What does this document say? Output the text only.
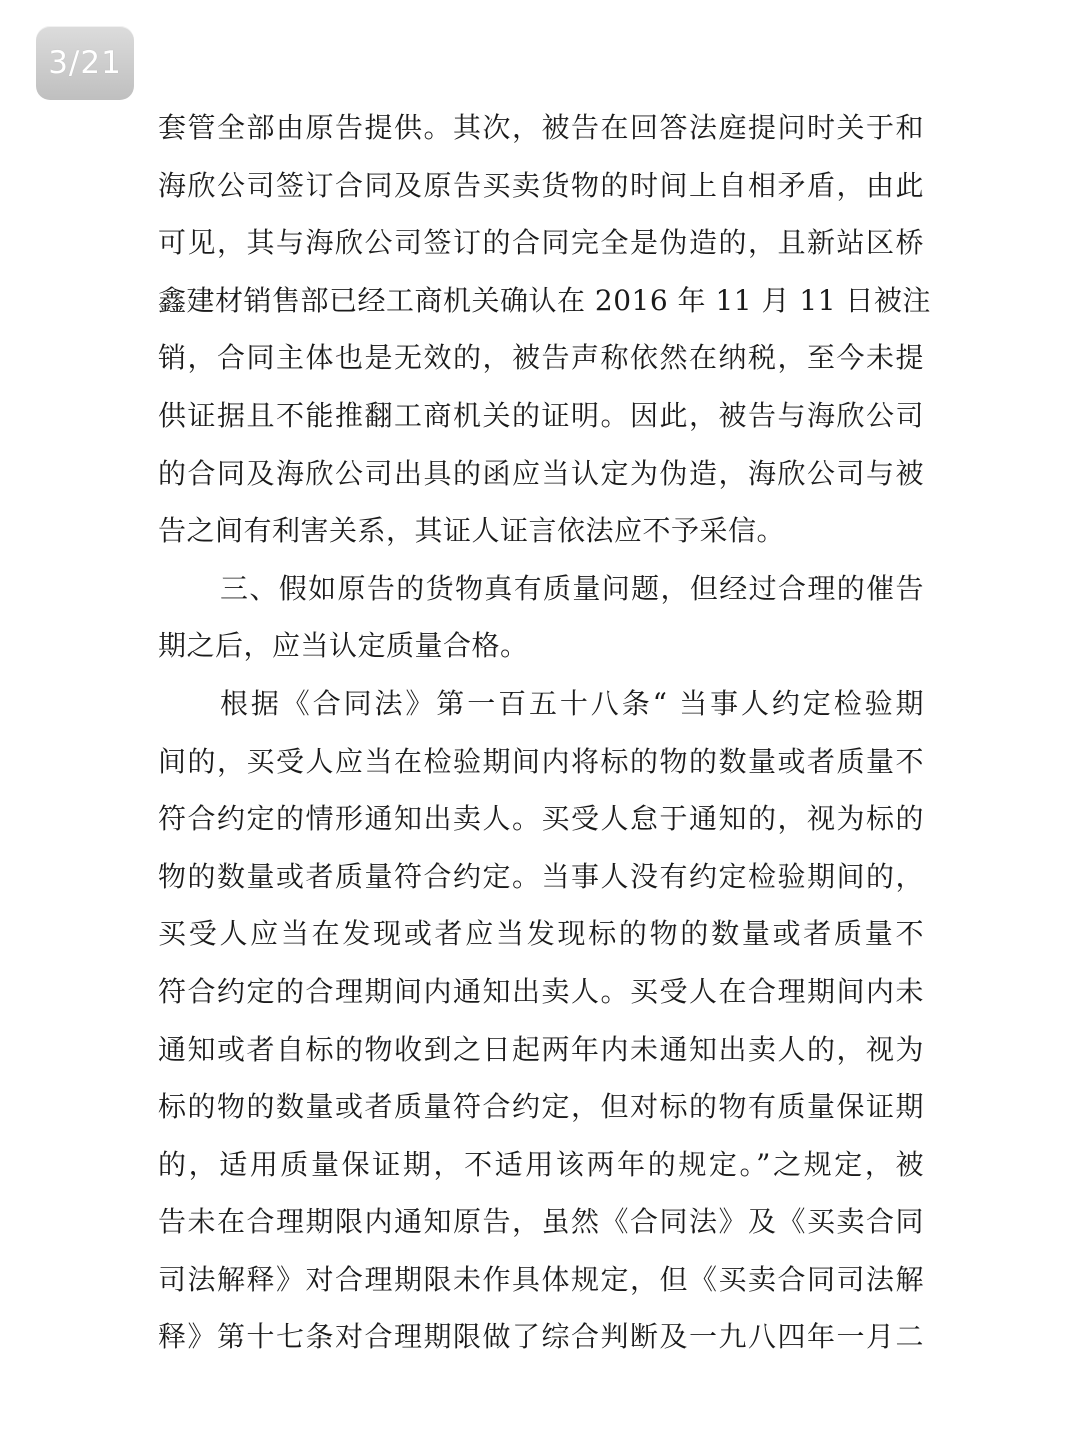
3/21
套管全部由原告提供。其次，被告在回答法庭提问时关于和
海欣公司签订合同及原告买卖货物的时间上自相矛盾，由此
可见，其与海欣公司签订的合同完全是伪造的，且新站区桥
鑫建材销售部已经工商机关确认在 2016 年 11 月 11 日被注
销，合同主体也是无效的，被告声称依然在纳税，至今未提
供证据且不能推翻工商机关的证明。因此，被告与海欣公司
的合同及海欣公司出具的函应当认定为伪造，海欣公司与被
告之间有利害关系，其证人证言依法应不予采信。
三、假如原告的货物真有质量问题，但经过合理的催告
期之后，应当认定质量合格。
根据《合同法》第一百五十八条“ 当事人约定检验期
间的，买受人应当在检验期间内将标的物的数量或者质量不
符合约定的情形通知出卖人。买受人怠于通知的，视为标的
物的数量或者质量符合约定。当事人没有约定检验期间的，
买受人应当在发现或者应当发现标的物的数量或者质量不
符合约定的合理期间内通知出卖人。买受人在合理期间内未
通知或者自标的物收到之日起两年内未通知出卖人的，视为
标的物的数量或者质量符合约定，但对标的物有质量保证期
的，适用质量保证期，不适用该两年的规定。”之规定，被
告未在合理期限内通知原告，虽然《合同法》及《买卖合同
司法解释》对合理期限未作具体规定，但《买卖合同司法解
释》第十七条对合理期限做了综合判断及一九八四年一月二
